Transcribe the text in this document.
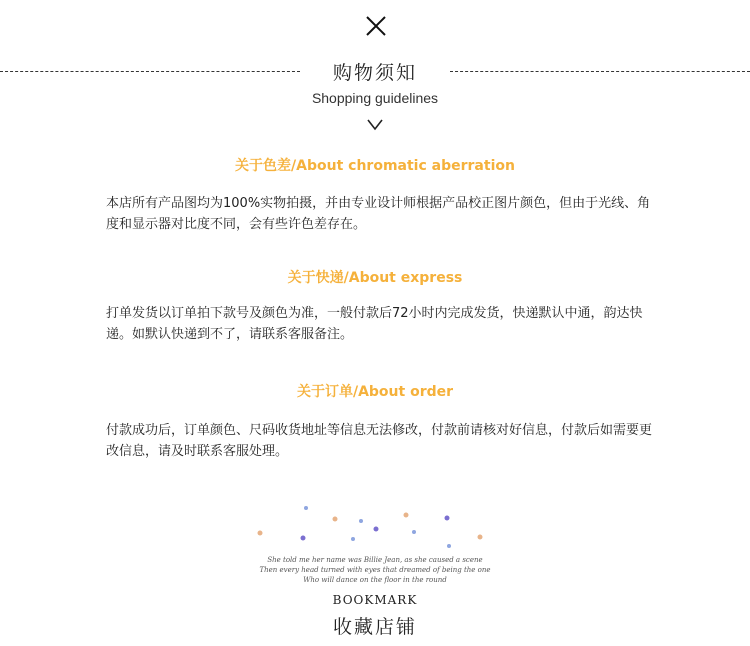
购物须知
Shopping guidelines
关于色差/About chromatic aberration
本店所有产品图均为100%实物拍摄，并由专业设计师根据产品校正图片颜色，但由于光线、角度和显示器对比度不同，会有些许色差存在。
关于快递/About express
打单发货以订单拍下款号及颜色为准，一般付款后72小时内完成发货，快递默认中通，韵达快递。如默认快递到不了，请联系客服备注。
关于订单/About order
付款成功后，订单颜色、尺码收货地址等信息无法修改，付款前请核对好信息，付款后如需要更改信息，请及时联系客服处理。
She told me her name was Billie Jean, as she caused a scene
Then every head turned with eyes that dreamed of being the one
Who will dance on the floor in the round
BOOKMARK
收藏店铺
